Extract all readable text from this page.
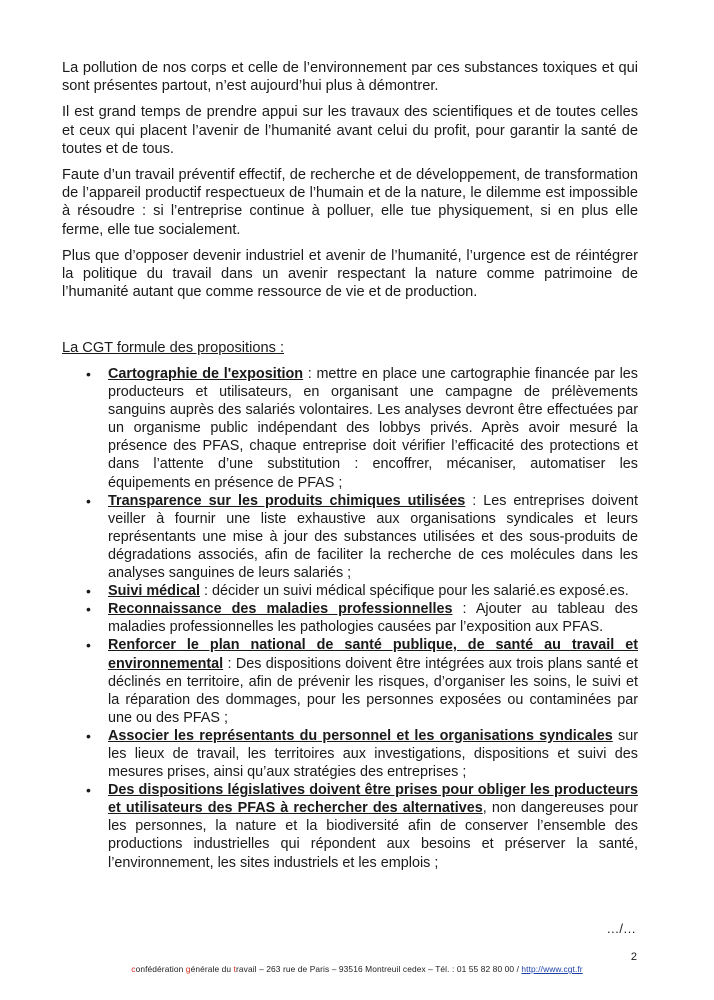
La pollution de nos corps et celle de l’environnement par ces substances toxiques et qui sont présentes partout, n’est aujourd’hui plus à démontrer.

Il est grand temps de prendre appui sur les travaux des scientifiques et de toutes celles et ceux qui placent l’avenir de l’humanité avant celui du profit, pour garantir la santé de toutes et de tous.

Faute d’un travail préventif effectif, de recherche et de développement, de transformation de l’appareil productif respectueux de l’humain et de la nature, le dilemme est impossible à résoudre : si l’entreprise continue à polluer, elle tue physiquement, si en plus elle ferme, elle tue socialement.

Plus que d’opposer devenir industriel et avenir de l’humanité, l’urgence est de réintégrer la politique du travail dans un avenir respectant la nature comme patrimoine de l’humanité autant que comme ressource de vie et de production.

La CGT formule des propositions :
• Cartographie de l'exposition : mettre en place une cartographie financée par les producteurs et utilisateurs, en organisant une campagne de prélèvements sanguins auprès des salariés volontaires. Les analyses devront être effectuées par un organisme public indépendant des lobbys privés. Après avoir mesuré la présence des PFAS, chaque entreprise doit vérifier l’efficacité des protections et dans l’attente d’une substitution : encoffrer, mécaniser, automatiser les équipements en présence de PFAS ;
• Transparence sur les produits chimiques utilisées : Les entreprises doivent veiller à fournir une liste exhaustive aux organisations syndicales et leurs représentants une mise à jour des substances utilisées et des sous-produits de dégradations associés, afin de faciliter la recherche de ces molécules dans les analyses sanguines de leurs salariés ;
• Suivi médical : décider un suivi médical spécifique pour les salarié.es exposé.es.
• Reconnaissance des maladies professionnelles : Ajouter au tableau des maladies professionnelles les pathologies causées par l’exposition aux PFAS.
• Renforcer le plan national de santé publique, de santé au travail et environnemental : Des dispositions doivent être intégrées aux trois plans santé et déclinés en territoire, afin de prévenir les risques, d’organiser les soins, le suivi et la réparation des dommages, pour les personnes exposées ou contaminées par une ou des PFAS ;
• Associer les représentants du personnel et les organisations syndicales sur les lieux de travail, les territoires aux investigations, dispositions et suivi des mesures prises, ainsi qu’aux stratégies des entreprises ;
• Des dispositions législatives doivent être prises pour obliger les producteurs et utilisateurs des PFAS à rechercher des alternatives, non dangereuses pour les personnes, la nature et la biodiversité afin de conserver l’ensemble des productions industrielles qui répondent aux besoins et préserver la santé, l’environnement, les sites industriels et les emplois ;
…/…
2
confédération générale du travail – 263 rue de Paris – 93516 Montreuil cedex – Tél. : 01 55 82 80 00 / http://www.cgt.fr
